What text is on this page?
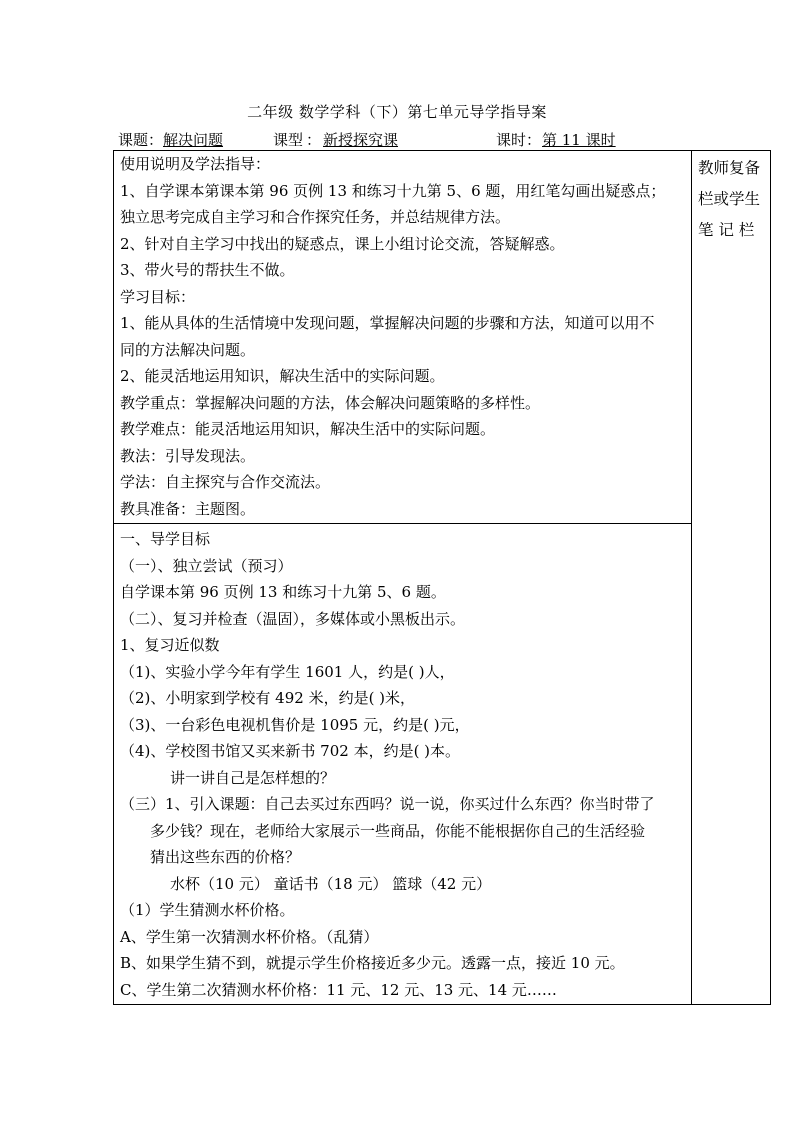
二年级 数学学科（下）第七单元导学指导案
课题： 解决问题	课型 ： 新授探究课	课时： 第 11 课时
使用说明及学法指导：
1、自学课本第课本第 96 页例 13 和练习十九第 5、6 题，用红笔勾画出疑惑点；
独立思考完成自主学习和合作探究任务，并总结规律方法。
2、针对自主学习中找出的疑惑点，课上小组讨论交流，答疑解惑。
3、带火号的帮扶生不做。
学习目标：
1、能从具体的生活情境中发现问题，掌握解决问题的步骤和方法，知道可以用不
同的方法解决问题。
2、能灵活地运用知识，解决生活中的实际问题。
教学重点：掌握解决问题的方法，体会解决问题策略的多样性。
教学难点：能灵活地运用知识，解决生活中的实际问题。
教法：引导发现法。
学法：自主探究与合作交流法。
教具准备：主题图。

教师复备
栏或学生
笔 记 栏

一、导学目标
（一）、独立尝试（预习）
自学课本第 96 页例 13 和练习十九第 5、6 题。
（二）、复习并检查（温固），多媒体或小黑板出示。
1、复习近似数
（1)、实验小学今年有学生 1601 人，约是( )人，
（2)、小明家到学校有 492 米，约是( )米，
（3)、一台彩色电视机售价是 1095 元，约是( )元，
（4)、学校图书馆又买来新书 702 本，约是( )本。
讲一讲自己是怎样想的？
（三）1、引入课题：自己去买过东西吗？说一说，你买过什么东西？你当时带了
多少钱？现在，老师给大家展示一些商品，你能不能根据你自己的生活经验
猜出这些东西的价格？
水杯（10 元） 童话书（18 元） 篮球（42 元）
（1）学生猜测水杯价格。
A、学生第一次猜测水杯价格。（乱猜）
B、如果学生猜不到，就提示学生价格接近多少元。透露一点，接近 10 元。
C、学生第二次猜测水杯价格：11 元、12 元、13 元、14 元……
